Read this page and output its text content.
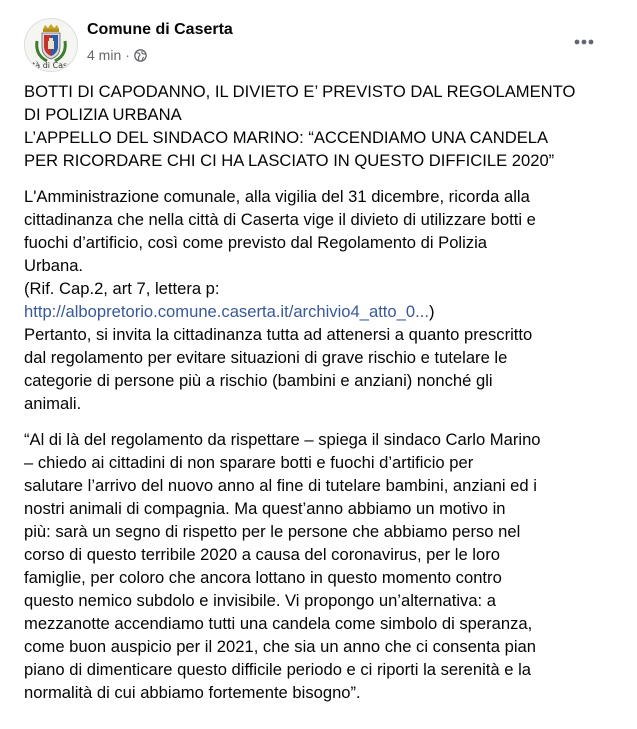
ttà di Case
Comune di Caserta
4 min ·
BOTTI DI CAPODANNO, IL DIVIETO E’ PREVISTO DAL REGOLAMENTO
DI POLIZIA URBANA
L’APPELLO DEL SINDACO MARINO: “ACCENDIAMO UNA CANDELA
PER RICORDARE CHI CI HA LASCIATO IN QUESTO DIFFICILE 2020”
L'Amministrazione comunale, alla vigilia del 31 dicembre, ricorda alla
cittadinanza che nella città di Caserta vige il divieto di utilizzare botti e
fuochi d’artificio, così come previsto dal Regolamento di Polizia
Urbana.
(Rif. Cap.2, art 7, lettera p:
http://albopretorio.comune.caserta.it/archivio4_atto_0...)
Pertanto, si invita la cittadinanza tutta ad attenersi a quanto prescritto
dal regolamento per evitare situazioni di grave rischio e tutelare le
categorie di persone più a rischio (bambini e anziani) nonché gli
animali.
“Al di là del regolamento da rispettare – spiega il sindaco Carlo Marino
– chiedo ai cittadini di non sparare botti e fuochi d’artificio per
salutare l’arrivo del nuovo anno al fine di tutelare bambini, anziani ed i
nostri animali di compagnia. Ma quest’anno abbiamo un motivo in
più: sarà un segno di rispetto per le persone che abbiamo perso nel
corso di questo terribile 2020 a causa del coronavirus, per le loro
famiglie, per coloro che ancora lottano in questo momento contro
questo nemico subdolo e invisibile. Vi propongo un’alternativa: a
mezzanotte accendiamo tutti una candela come simbolo di speranza,
come buon auspicio per il 2021, che sia un anno che ci consenta pian
piano di dimenticare questo difficile periodo e ci riporti la serenità e la
normalità di cui abbiamo fortemente bisogno”.
